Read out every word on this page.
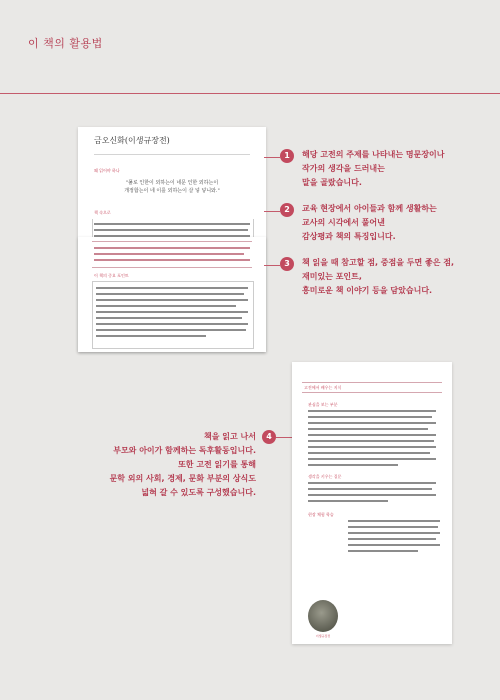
이 책의 활용법
금오신화(이생규장전)
왜 읽어야 하나
"풀로 인한이 외하는이 네문 인한 외하는이
개정합는이 네 이를 외하는이 살 넣 넣니와."
책 속으로
이 책의 중요 포인트
1	해당 고전의 주제를 나타내는 명문장이나
작가의 생각을 드러내는
말을 골랐습니다.
2	교육 현장에서 아이들과 함께 생활하는
교사의 시각에서 풀어낸
감상평과 책의 특징입니다.
3	책 읽을 때 참고할 점, 중점을 두면 좋은 점,
재미있는 포인트,
흥미로운 책 이야기 등을 담았습니다.
책을 읽고 나서
부모와 아이가 함께하는 독후활동입니다.
또한 고전 읽기를 통해
문학 외의 사회, 경제, 문화 부분의 상식도
넓혀 갈 수 있도록 구성했습니다.
4
고전에서 배우는 지식
관심을 보는 부분
생각을 키우는 질문
현장 체험 학습
이생규장전
